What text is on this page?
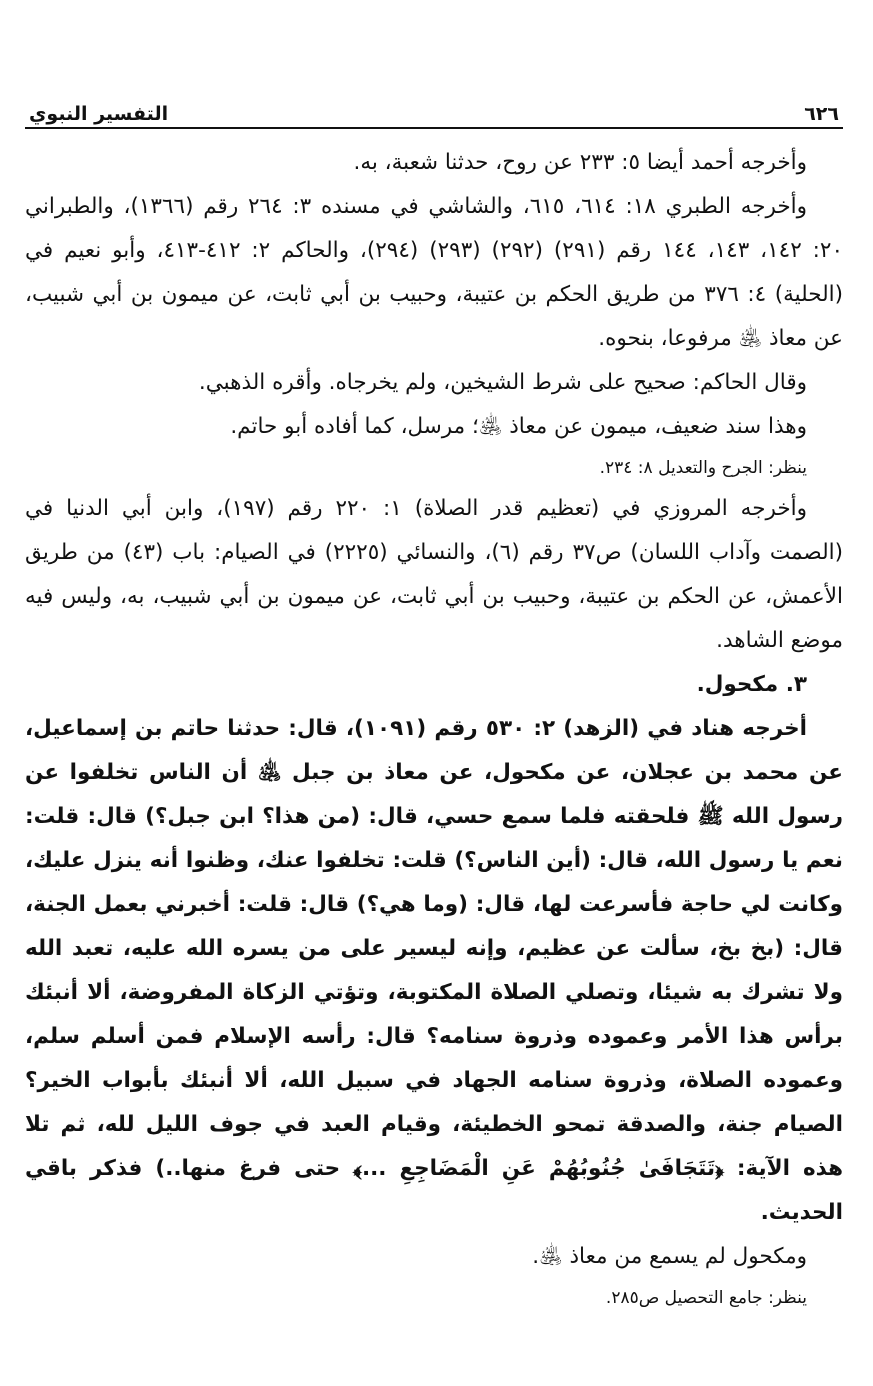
٦٢٦
التفسير النبوي

وأخرجه أحمد أيضا ٥: ٢٣٣ عن روح، حدثنا شعبة، به.

وأخرجه الطبري ١٨: ٦١٤، ٦١٥، والشاشي في مسنده ٣: ٢٦٤ رقم (١٣٦٦)، والطبراني ٢٠: ١٤٢، ١٤٣، ١٤٤ رقم (٢٩١) (٢٩٢) (٢٩٣) (٢٩٤)، والحاكم ٢: ٤١٢-٤١٣، وأبو نعيم في (الحلية) ٤: ٣٧٦ من طريق الحكم بن عتيبة، وحبيب بن أبي ثابت، عن ميمون بن أبي شبيب، عن معاذ ﵁ مرفوعا، بنحوه.

وقال الحاكم: صحيح على شرط الشيخين، ولم يخرجاه. وأقره الذهبي.

وهذا سند ضعيف، ميمون عن معاذ ﵁؛ مرسل، كما أفاده أبو حاتم.

ينظر: الجرح والتعديل ٨: ٢٣٤.

وأخرجه المروزي في (تعظيم قدر الصلاة) ١: ٢٢٠ رقم (١٩٧)، وابن أبي الدنيا في (الصمت وآداب اللسان) ص٣٧ رقم (٦)، والنسائي (٢٢٢٥) في الصيام: باب (٤٣) من طريق الأعمش، عن الحكم بن عتيبة، وحبيب بن أبي ثابت، عن ميمون بن أبي شبيب، به، وليس فيه موضع الشاهد.

٣. مكحول.

أخرجه هناد في (الزهد) ٢: ٥٣٠ رقم (١٠٩١)، قال: حدثنا حاتم بن إسماعيل، عن محمد بن عجلان، عن مكحول، عن معاذ بن جبل ﵁ أن الناس تخلفوا عن رسول الله ﷺ فلحقته فلما سمع حسي، قال: (من هذا؟ ابن جبل؟) قال: قلت: نعم يا رسول الله، قال: (أين الناس؟) قلت: تخلفوا عنك، وظنوا أنه ينزل عليك، وكانت لي حاجة فأسرعت لها، قال: (وما هي؟) قال: قلت: أخبرني بعمل الجنة، قال: (بخ بخ، سألت عن عظيم، وإنه ليسير على من يسره الله عليه، تعبد الله ولا تشرك به شيئا، وتصلي الصلاة المكتوبة، وتؤتي الزكاة المفروضة، ألا أنبئك برأس هذا الأمر وعموده وذروة سنامه؟ قال: رأسه الإسلام فمن أسلم سلم، وعموده الصلاة، وذروة سنامه الجهاد في سبيل الله، ألا أنبئك بأبواب الخير؟ الصيام جنة، والصدقة تمحو الخطيئة، وقيام العبد في جوف الليل لله، ثم تلا هذه الآية: ﴿تَتَجَافَىٰ جُنُوبُهُمْ عَنِ الْمَضَاجِعِ ...﴾ حتى فرغ منها..) فذكر باقي الحديث.

ومكحول لم يسمع من معاذ ﵁.

ينظر: جامع التحصيل ص٢٨٥.
